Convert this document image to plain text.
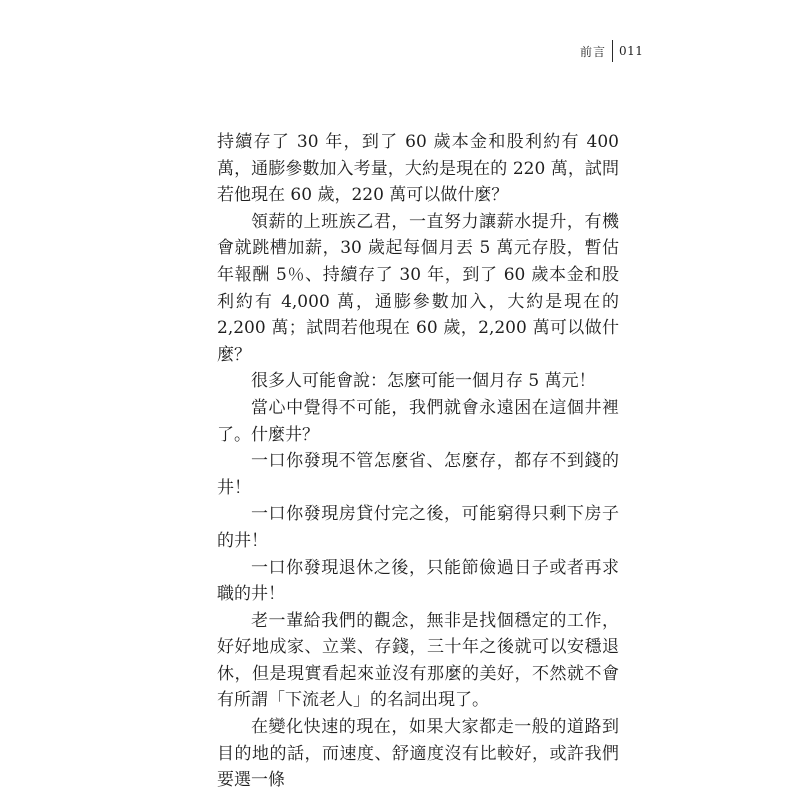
前言 011

持續存了 30 年，到了 60 歲本金和股利約有 400 萬，通膨參數加入考量，大約是現在的 220 萬，試問若他現在 60 歲，220 萬可以做什麼？

領薪的上班族乙君，一直努力讓薪水提升，有機會就跳槽加薪，30 歲起每個月丟 5 萬元存股，暫估年報酬 5％、持續存了 30 年，到了 60 歲本金和股利約有 4,000 萬，通膨參數加入，大約是現在的 2,200 萬；試問若他現在 60 歲，2,200 萬可以做什麼？

很多人可能會說：怎麼可能一個月存 5 萬元！

當心中覺得不可能，我們就會永遠困在這個井裡了。什麼井？

一口你發現不管怎麼省、怎麼存，都存不到錢的井！

一口你發現房貸付完之後，可能窮得只剩下房子的井！

一口你發現退休之後，只能節儉過日子或者再求職的井！

老一輩給我們的觀念，無非是找個穩定的工作，好好地成家、立業、存錢，三十年之後就可以安穩退休，但是現實看起來並沒有那麼的美好，不然就不會有所謂「下流老人」的名詞出現了。

在變化快速的現在，如果大家都走一般的道路到目的地的話，而速度、舒適度沒有比較好，或許我們要選一條
